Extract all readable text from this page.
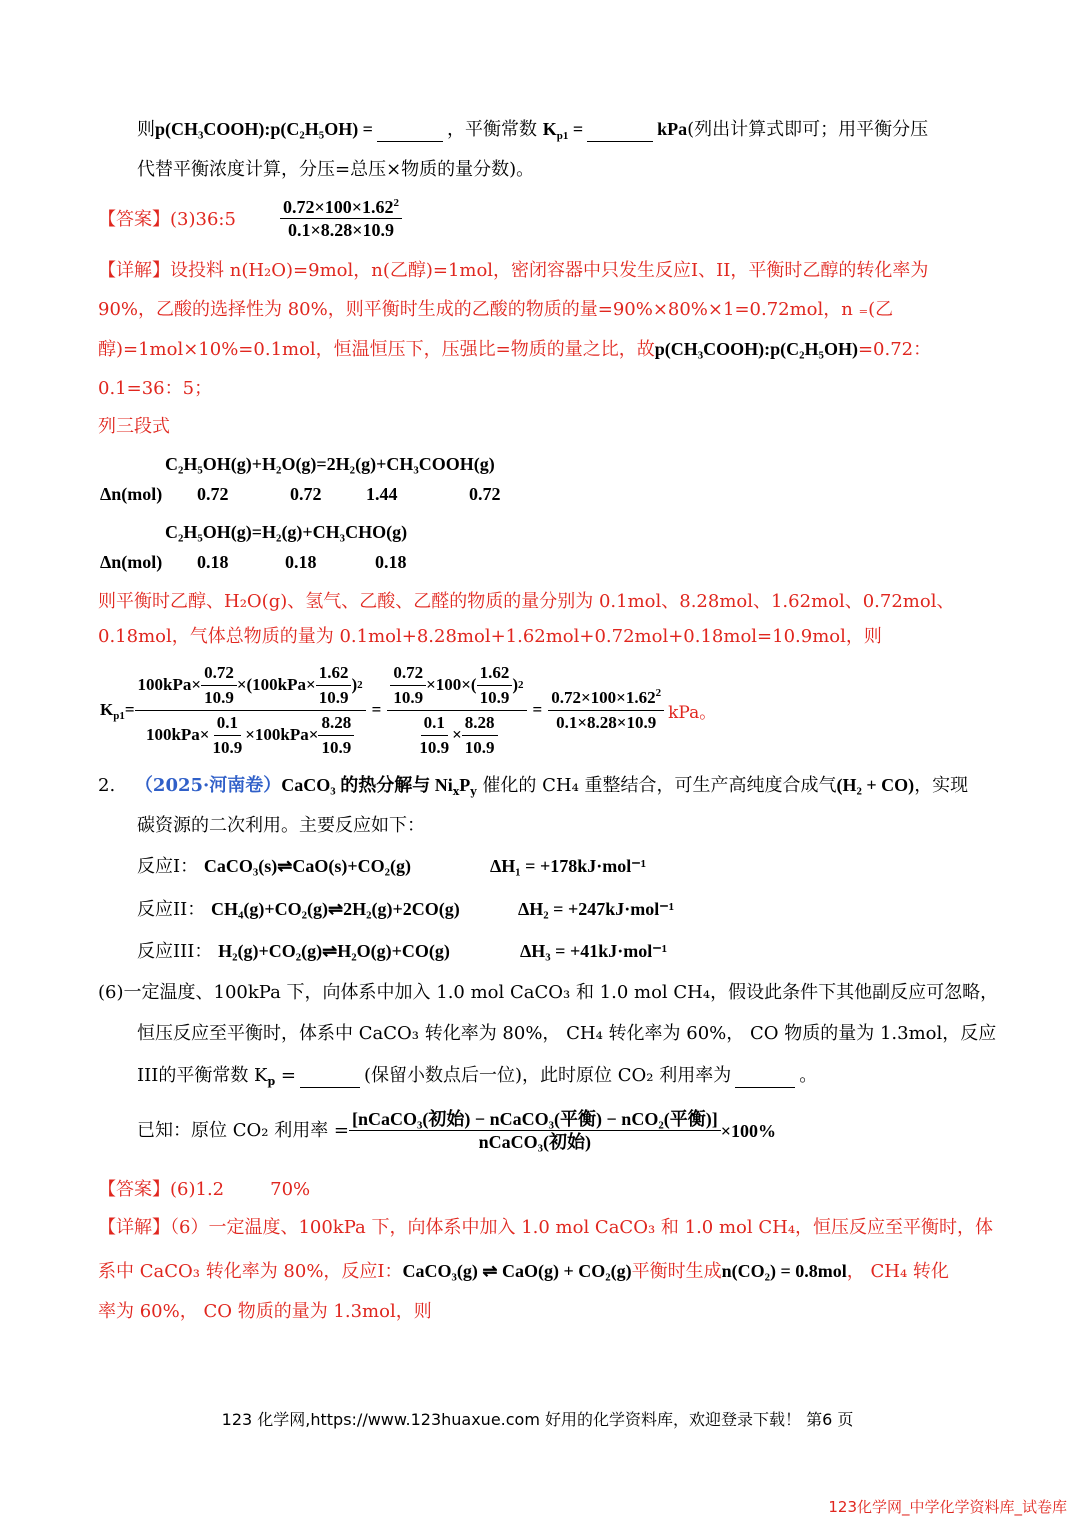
则p(CH₃COOH):p(C₂H₅OH) =	，平衡常数 $K_{p1}$ =	kPa(列出计算式即可；用平衡分压
代替平衡浓度计算，分压=总压×物质的量分数)。
【答案】(3)36:5 $\frac{0.72\times 100\times 1.62^2}{0.1\times 8.28\times 10.9}$
【详解】设投料 n(H₂O)=9mol，n(乙醇)=1mol，密闭容器中只发生反应I、II，平衡时乙醇的转化率为
90%，乙酸的选择性为 80%，则平衡时生成的乙酸的物质的量=90%×80%×1=0.72mol，n ₌(乙
醇)=1mol×10%=0.1mol，恒温恒压下，压强比=物质的量之比，故p(CH₃COOH):p(C₂H₅OH)=0.72：
0.1=36：5；
列三段式
C₂H₅OH(g)+H₂O(g)=2H₂(g)+CH₃COOH(g)
Δn(mol) 0.72	0.72 1.44	0.72
C₂H₅OH(g)=H₂(g)+CH₃CHO(g)
Δn(mol) 0.18	0.18	0.18
则平衡时乙醇、H₂O(g)、氢气、乙酸、乙醛的物质的量分别为 0.1mol、8.28mol、1.62mol、0.72mol、
0.18mol，气体总物质的量为 0.1mol+8.28mol+1.62mol+0.72mol+0.18mol=10.9mol，则
$K_{p1}= \frac{100kPa\times \frac{0.72}{10.9} \times(100kPa\times \frac{1.62}{10.9} ) 2}{100kPa\times \frac{0.1}{10.9} \times 100kPa\times \frac{8.28}{10.9}} = \frac{\frac{0.72}{10.9} \times 100\times( \frac{1.62}{10.9} ) 2}{\frac{0.1}{10.9} \times \frac{8.28}{10.9}} = \frac{0.72\times 100\times 1.62^2}{0.1\times 8.28\times 10.9}$ kPa。
2. （2025·河南卷）CaCO₃ 的热分解与 $Ni_xP_y$ 催化的 CH₄ 重整结合，可生产高纯度合成气(H₂ + CO)，实现
碳资源的二次利用。主要反应如下：
反应I： CaCO₃(s)⇌CaO(s)+CO₂(g)	ΔH₁ = +178kJ·mol⁻¹
反应II： CH₄(g)+CO₂(g)⇌2H₂(g)+2CO(g)	ΔH₂ = +247kJ·mol⁻¹
反应III： H₂(g)+CO₂(g)⇌H₂O(g)+CO(g)	ΔH₃ = +41kJ·mol⁻¹
(6)一定温度、100kPa 下，向体系中加入 1.0 mol CaCO₃ 和 1.0 mol CH₄，假设此条件下其他副反应可忽略，
恒压反应至平衡时，体系中 CaCO₃ 转化率为 80%， CH₄ 转化率为 60%， CO 物质的量为 1.3mol，反应
III的平衡常数 $K_p$ =	(保留小数点后一位)，此时原位 CO₂ 利用率为	。
已知：原位 CO₂ 利用率 = $\frac{\text{[nCaCO₃(初始) − nCaCO₃(平衡) − nCO₂(平衡)]}}{\text{nCaCO₃(初始)}} \times 100\%$
【答案】(6)1.2	70%
【详解】（6）一定温度、100kPa 下，向体系中加入 1.0 mol CaCO₃ 和 1.0 mol CH₄，恒压反应至平衡时，体
系中 CaCO₃ 转化率为 80%，反应I：CaCO₃(g) ⇌ CaO(g) + CO₂(g)平衡时生成n(CO₂) = 0.8mol， CH₄ 转化
率为 60%， CO 物质的量为 1.3mol，则
123 化学网,https://www.123huaxue.com 好用的化学资料库，欢迎登录下载！ 第6 页
123化学网_中学化学资料库_试卷库
